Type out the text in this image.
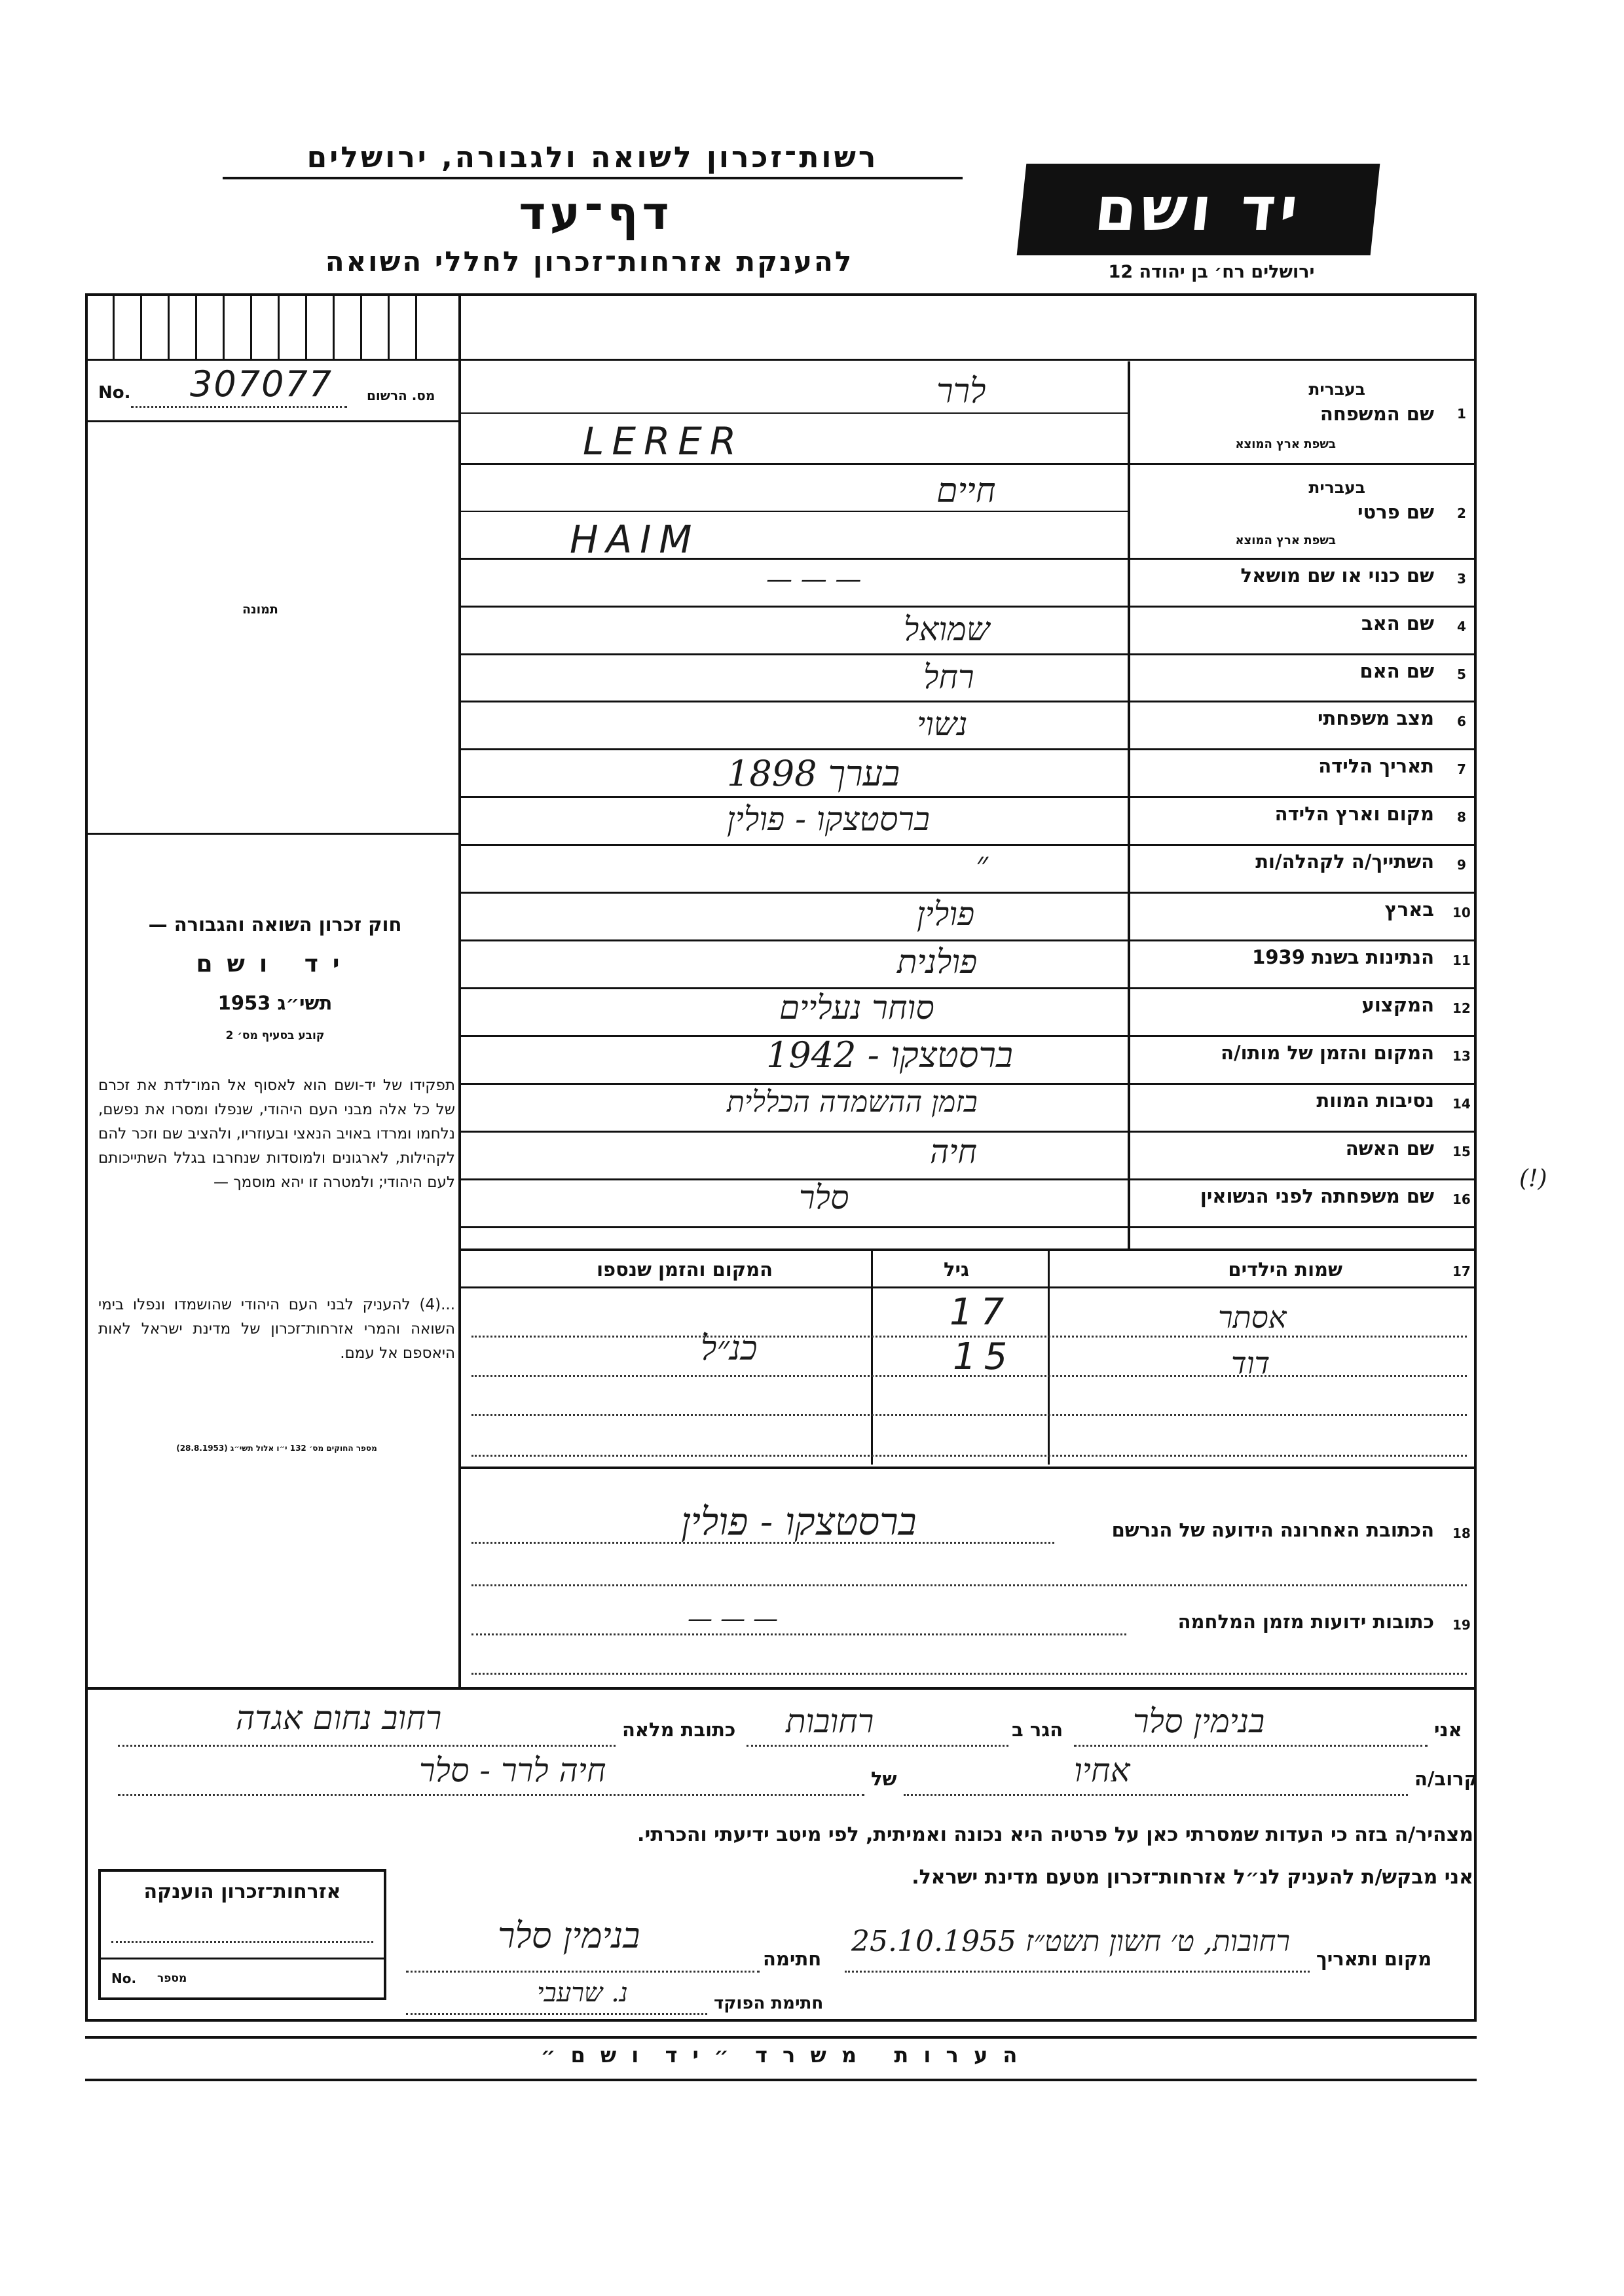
רשות־זכרון לשואה ולגבורה, ירושלים
דף־עד
להענקת אזרחות־זכרון לחללי השואה
יד ושם
ירושלים רח׳ בן יהודה 12
No. 307077	מס. הרשום
תמונה
חוק זכרון השואה והגבורה —
יד ושם
תשי״ג 1953
קובע בסעיף מס׳ 2
תפקידו של יד-ושם הוא לאסוף אל המו־לדת את זכרם של כל אלה מבני העם היהודי, שנפלו ומסרו את נפשם, נלחמו ומרדו באויב הנאצי ובעוזריו, ולהציב שם וזכר להם לקהילות, לארגונים ולמוסדות שנחרבו בגלל השתייכותם לעם היהודי; ולמטרה זו יהא מוסמך —
...(4) להעניק לבני העם היהודי שהושמדו ונפלו בימי השואה והמרי אזרחות־זכרון של מדינת ישראל לאות היאספם אל עמם.
מספר החוקים מס׳ 132 י״ו אלול תשי״ג (28.8.1953)
1
שם המשפחה
בעברית
בשפת ארץ המוצא
לרר
LERER
2
שם פרטי
בעברית
בשפת ארץ המוצא
חיים
HAIM
3
שם כנוי או שם מושאל
— — —
4
שם האב
שמואל
5
שם האם
רחל
6
מצב משפחתי
נשוי
7
תאריך הלידה
בערך 1898
8
מקום וארץ הלידה
ברסטצקו - פולין
9
השתייך/ה לקהלה/ות
״
10
בארץ
פולין
11
הנתינות בשנת 1939
פולנית
12
המקצוע
סוחר נעליים
13
המקום והזמן של מותו/ה
ברסטצקו - 1942
14
נסיבות המוות
בזמן ההשמדה הכללית
15
שם האשה
חיה
16
שם משפחתה לפני הנשואין
סלר	(!)
17
שמות הילדים
גיל
המקום והזמן שנספו
אסתר
17
דוד
15
כנ״ל
18
הכתובת האחרונה הידועה של הנרשם
ברסטצקו - פולין
19
כתובות ידועות מזמן המלחמה
— — —
אני
בנימין סלר
הגר ב
רחובות
כתובת מלאה
רחוב נחום אגדה
קרוב/ה
אחיו
של
חיה לרר - סלר
מצהיר/ה בזה כי העדות שמסרתי כאן על פרטיה היא נכונה ואמיתית, לפי מיטב ידיעתי והכרתי.
אני מבקש/ת להעניק לנ״ל אזרחות־זכרון מטעם מדינת ישראל.
אזרחות־זכרון הוענקה
No. מספר
מקום ותאריך
רחובות, ט׳ חשון תשט״ז 25.10.1955
חתימה
בנימין סלר
חתימת הפוקד
נ. שרעבי
ה ע ר ו ת   מ ש ר ד  ״ י ד  ו ש ם ״
